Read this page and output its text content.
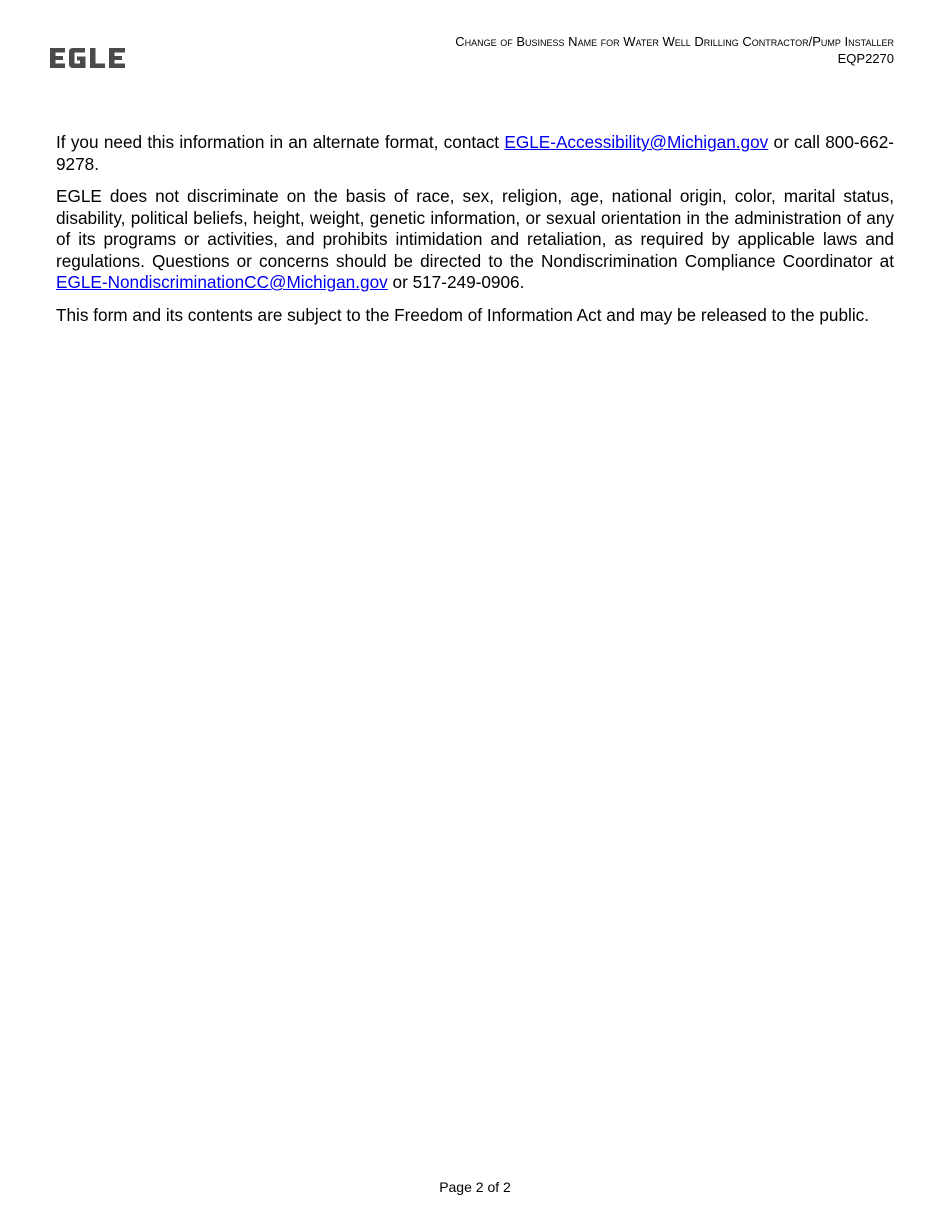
Change of Business Name for Water Well Drilling Contractor/Pump Installer
EQP2270

If you need this information in an alternate format, contact EGLE-Accessibility@Michigan.gov or call 800-662-9278.

EGLE does not discriminate on the basis of race, sex, religion, age, national origin, color, marital status, disability, political beliefs, height, weight, genetic information, or sexual orientation in the administration of any of its programs or activities, and prohibits intimidation and retaliation, as required by applicable laws and regulations. Questions or concerns should be directed to the Nondiscrimination Compliance Coordinator at EGLE-NondiscriminationCC@Michigan.gov or 517-249-0906.

This form and its contents are subject to the Freedom of Information Act and may be released to the public.

Page 2 of 2
